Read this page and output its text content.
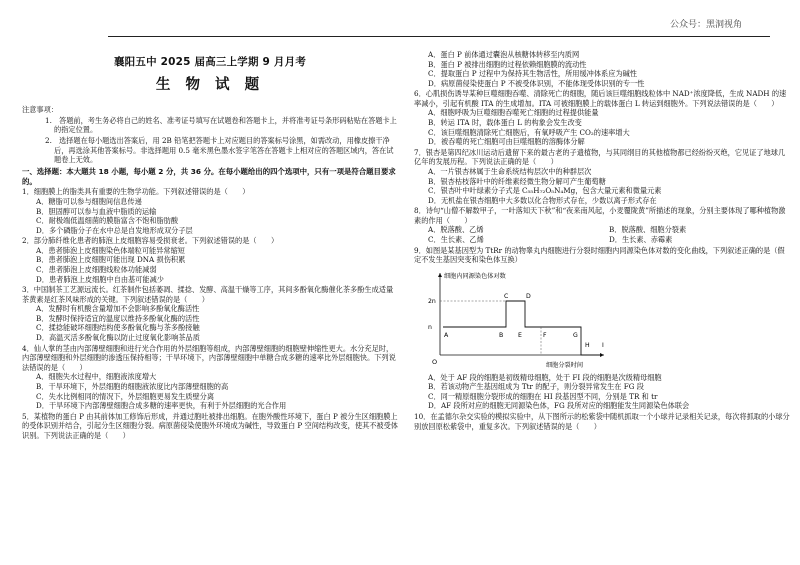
公众号：黑洞视角
襄阳五中 2025 届高三上学期 9 月月考
生 物 试 题
注意事项：
1.　答题前，考生务必将自己的姓名、准考证号填写在试题卷和答题卡上，并将准考证号条形码粘贴在答题卡上的指定位置。
2.　选择题在每小题选出答案后，用 2B 铅笔把答题卡上对应题目的答案标号涂黑，如需改动，用橡皮擦干净后，再选涂其他答案标号。非选择题用 0.5 毫米黑色墨水签字笔答在答题卡上相对应的答题区域内，答在试题卷上无效。
一、选择题：本大题共 18 小题，每小题 2 分，共 36 分。在每小题给出的四个选项中，只有一项是符合题目要求的。
1．细胞膜上的脂类具有重要的生物学功能。下列叙述错误的是（　　）
A．糖脂可以参与细胞间信息传递
B．胆固醇可以参与血液中脂质的运输
C．耐极端低温细菌的膜脂富含不饱和脂肪酸
D．多个磷脂分子在水中总是自发地形成双分子层
2．部分肺纤维化患者的肺泡上皮细胞容易受损衰老。下列叙述错误的是（　　）
A．患者肺泡上皮细胞染色体端粒可能异常缩短
B．患者肺泡上皮细胞可能出现 DNA 损伤积累
C．患者肺泡上皮细胞线粒体功能减弱
D．患者肺泡上皮细胞中自由基可能减少
3．中国制茶工艺源远流长。红茶制作包括萎凋、揉捻、发酵、高温干燥等工序，其间多酚氧化酶催化茶多酚生成适量茶黄素是红茶风味形成的关键。下列叙述错误的是（　　）
A．发酵时有机酸含量增加不会影响多酚氧化酶活性
B．发酵时保持适宜的温度以维持多酚氧化酶的活性
C．揉捻能破坏细胞结构使多酚氧化酶与茶多酚接触
D．高温灭活多酚氧化酶以防止过度氧化影响茶品质
4．仙人掌的茎由内部薄壁细胞和进行光合作用的外层细胞等组成，内部薄壁细胞的细胞壁伸缩性更大。水分充足时，内部薄壁细胞和外层细胞的渗透压保持相等；干旱环境下，内部薄壁细胞中单糖合成多糖的速率比外层细胞快。下列说法错误的是（　　）
A．细胞失水过程中，细胞液浓度增大
B．干旱环境下，外层细胞的细胞液浓度比内部薄壁细胞的高
C．失水比例相同的情况下，外层细胞更易发生质壁分离
D．干旱环境下内部薄壁细胞合成多糖的速率更快，有利于外层细胞的光合作用
5．某植物的蛋白 P 由其前体加工修饰后形成，并通过胞吐被排出细胞。在胞外酸性环境下，蛋白 P 被分生区细胞膜上的受体识别并结合，引起分生区细胞分裂。病原菌侵染使胞外环境成为碱性，导致蛋白 P 空间结构改变，使其不被受体识别。下列说法正确的是（　　）
A．蛋白 P 前体通过囊泡从核糖体转移至内质网
B．蛋白 P 被排出细胞的过程依赖细胞膜的流动性
C．提取蛋白 P 过程中为保持其生物活性，所用缓冲体系应为碱性
D．病原菌侵染使蛋白 P 不被受体识别，不能体现受体识别的专一性
6．心肌损伤诱导某种巨噬细胞吞噬、清除死亡的细胞，随后该巨噬细胞线粒体中 NAD⁺浓度降低，生成 NADH 的速率减小，引起有机酸 ITA 的生成增加。ITA 可被细胞膜上的载体蛋白 L 转运到细胞外。下列说法错误的是（　　）
A．细胞呼吸为巨噬细胞吞噬死亡细胞的过程提供能量
B．转运 ITA 时，载体蛋白 L 的构象会发生改变
C．该巨噬细胞清除死亡细胞后，有氧呼吸产生 CO₂的速率增大
D．被吞噬的死亡细胞可由巨噬细胞的溶酶体分解
7．银杏是第四纪冰川运动后遗留下来的最古老的子遗植物，与其同纲目的其他植物都已经纷纷灭绝，它见证了地球几亿年的发展历程。下列说法正确的是（　　）
A．一片银杏林属于生命系统结构层次中的种群层次
B．银杏枯枝落叶中的纤维素经微生物分解可产生葡萄糖
C．银杏叶中叶绿素分子式是 C₅₅H₇₂O₅N₄Mg，包含大量元素和微量元素
D．无机盐在银杏细胞中大多数以化合物形式存在，少数以离子形式存在
8．诗句“山僧不解数甲子，一叶落知天下秋”和“夜来南风起，小麦覆陇黄”所描述的现象，分别主要体现了哪种植物激素的作用（　　）
A．脱落酸、乙烯	B．脱落酸、细胞分裂素
C．生长素、乙烯	D．生长素、赤霉素
9．如图是某基因型为 TtRr 的动物睾丸内细胞进行分裂时细胞内同源染色体对数的变化曲线，下列叙述正确的是（假定不发生基因突变和染色体互换）
细胞内同源染色体对数
细胞分裂时间
O
2n
n
A	B
C	D
E	F	G
H I
A．处于 AF 段的细胞是初级精母细胞，处于 FI 段的细胞是次级精母细胞
B．若该动物产生基因组成为 Ttr 的配子，则分裂异常发生在 FG 段
C．同一精原细胞分裂形成的细胞在 HI 段基因型不同，分别是 TR 和 tr
D．AF 段所对应的细胞无同源染色体，FG 段所对应的细胞能发生同源染色体联会
10．在孟德尔杂交实验的模拟实验中，从下图所示的松紫袋中随机抓取一个小球并记录相关记录，每次将抓取的小球分别放回原松紫袋中，重复多次。下列叙述错误的是（　　）
